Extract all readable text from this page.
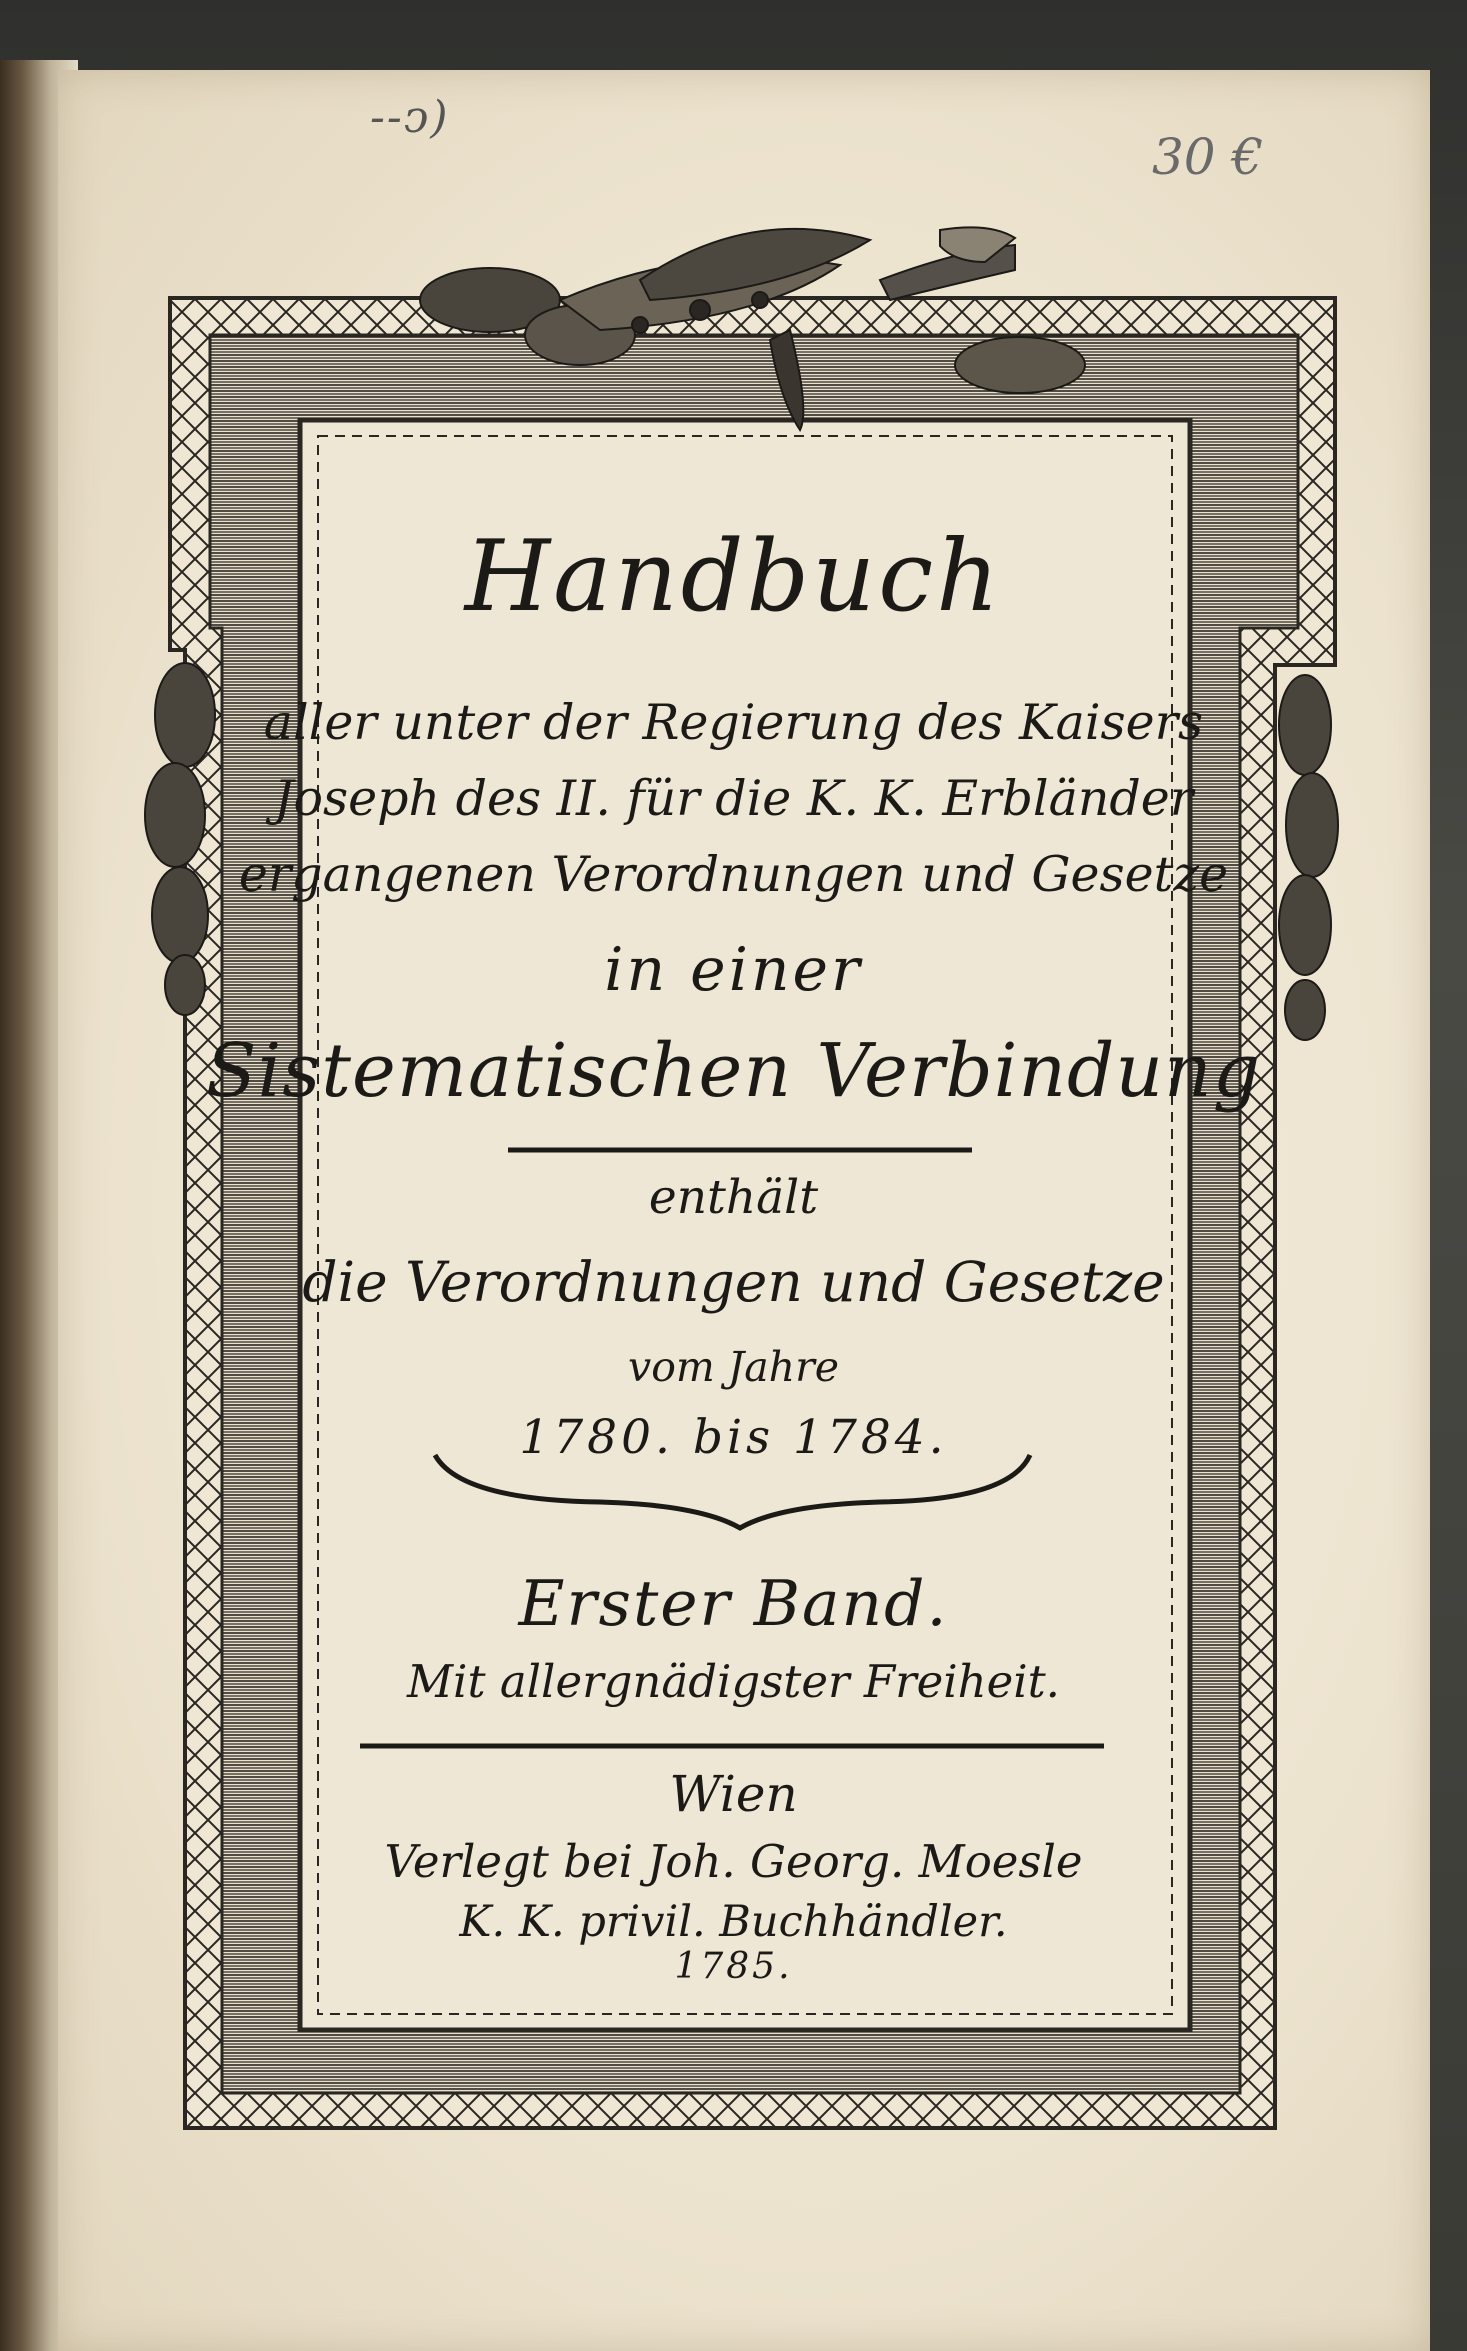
--ↄ)
30 €
Handbuch
aller unter der Regierung des Kaisers
Joseph des II. für die K. K. Erbländer
ergangenen Verordnungen und Gesetze
in einer
Sistematischen Verbindung
enthält
die Verordnungen und Gesetze
vom Jahre
1780. bis 1784.
Erster Band.
Mit allergnädigster Freiheit.
Wien
Verlegt bei Joh. Georg. Moesle
K. K. privil. Buchhändler.
1785.
